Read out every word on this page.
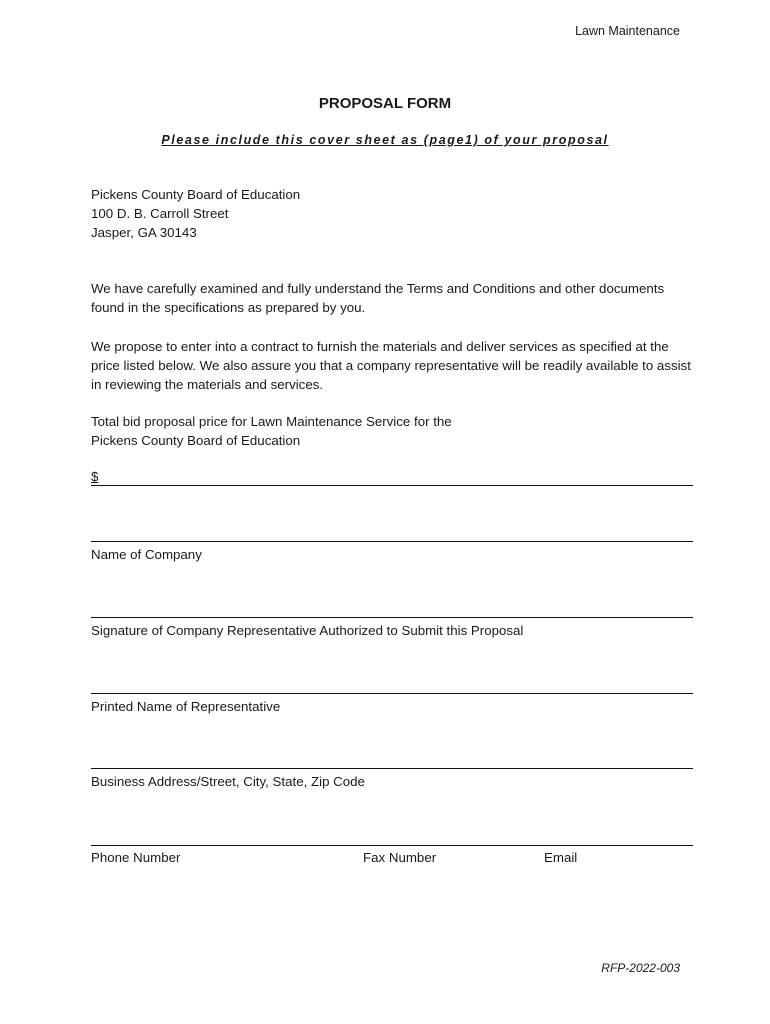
Lawn Maintenance
PROPOSAL FORM
Please include this cover sheet as (page1) of your proposal
Pickens County Board of Education
100 D. B. Carroll Street
Jasper, GA 30143
We have carefully examined and fully understand the Terms and Conditions and other documents found in the specifications as prepared by you.
We propose to enter into a contract to furnish the materials and deliver services as specified at the price listed below. We also assure you that a company representative will be readily available to assist in reviewing the materials and services.
Total bid proposal price for Lawn Maintenance Service for the
Pickens County Board of Education
$
Name of Company
Signature of Company Representative Authorized to Submit this Proposal
Printed Name of Representative
Business Address/Street, City, State, Zip Code
Phone Number	Fax Number	Email
RFP-2022-003
